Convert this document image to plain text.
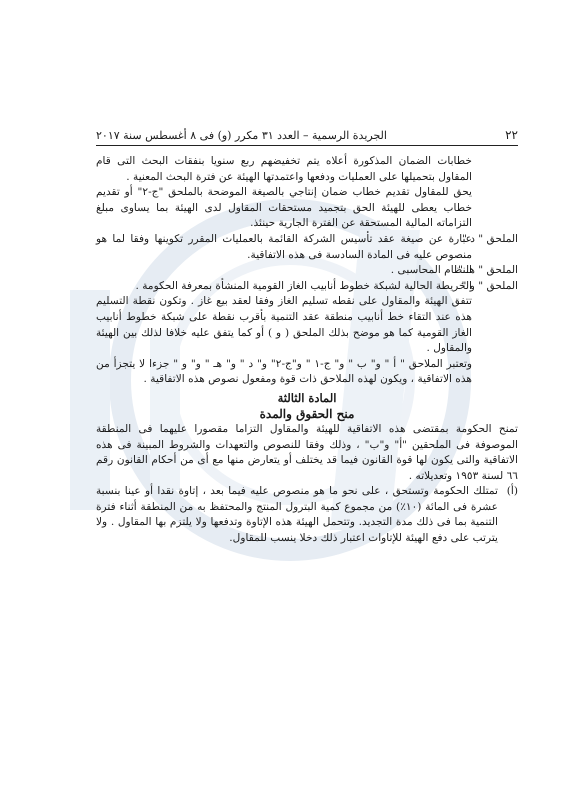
٢٢
الجريدة الرسمية – العدد ٣١ مكرر (و) فى ٨ أغسطس سنة ٢٠١٧

خطابات الضمان المذكورة أعلاه يتم تخفيضهم ربع سنويا بنفقات البحث التى قام المقاول بتحميلها على العمليات ودفعها واعتمدتها الهيئة عن فترة البحث المعنية .

يحق للمقاول تقديم خطاب ضمان إنتاجي بالصيغة الموضحة بالملحق "ج-٢" أو تقديم خطاب يعطى للهيئة الحق بتجميد مستحقات المقاول لدى الهيئة بما يساوى مبلغ التزاماته المالية المستحقة عن الفترة الجارية حينئذ.

الملحق " د "
عبارة عن صيغة عقد تأسيس الشركة القائمة بالعمليات المقرر تكوينها وفقا لما هو منصوص عليه فى المادة السادسة فى هذه الاتفاقية.
الملحق " هـ "
النظام المحاسبى .
الملحق " و "
الخريطة الحالية لشبكة خطوط أنابيب الغاز القومية المنشأة بمعرفة الحكومة .

تتفق الهيئة والمقاول على نقطه تسليم الغاز وفقا لعقد بيع غاز . وتكون نقطة التسليم هذه عند التقاء خط أنابيب منطقة عقد التنمية بأقرب نقطة على شبكة خطوط أنابيب الغاز القومية كما هو موضح بذلك الملحق ( و ) أو كما يتفق عليه خلافا لذلك بين الهيئة والمقاول .

وتعتبر الملاحق " أ " و" ب " و" ج-١ " و"ج-٢" و" د " و" هـ " و" و " جزءا لا يتجزأ من هذه الاتفاقية ، ويكون لهذه الملاحق ذات قوة ومفعول نصوص هذه الاتفاقية .

المادة الثالثة
منح الحقوق والمدة

تمنح الحكومة بمقتضى هذه الاتفاقية للهيئة والمقاول التزاما مقصورا عليهما فى المنطقة الموصوفة فى الملحقين "أ" و"ب" ، وذلك وفقا للنصوص والتعهدات والشروط المبينة فى هذه الاتفاقية والتى يكون لها قوة القانون فيما قد يختلف أو يتعارض منها مع أى من أحكام القانون رقم ٦٦ لسنة ١٩٥٣ وتعديلاته .

(أ)
تمتلك الحكومة وتستحق ، على نحو ما هو منصوص عليه فيما بعد ، إتاوة نقدا أو عينا بنسبة عشرة فى المائة (١٠٪) من مجموع كمية البترول المنتج والمحتفظ به من المنطقة أثناء فترة التنمية بما فى ذلك مدة التجديد. وتتحمل الهيئة هذه الإتاوة وتدفعها ولا يلتزم بها المقاول . ولا يترتب على دفع الهيئة للإتاوات اعتبار ذلك دخلا ينسب للمقاول.
